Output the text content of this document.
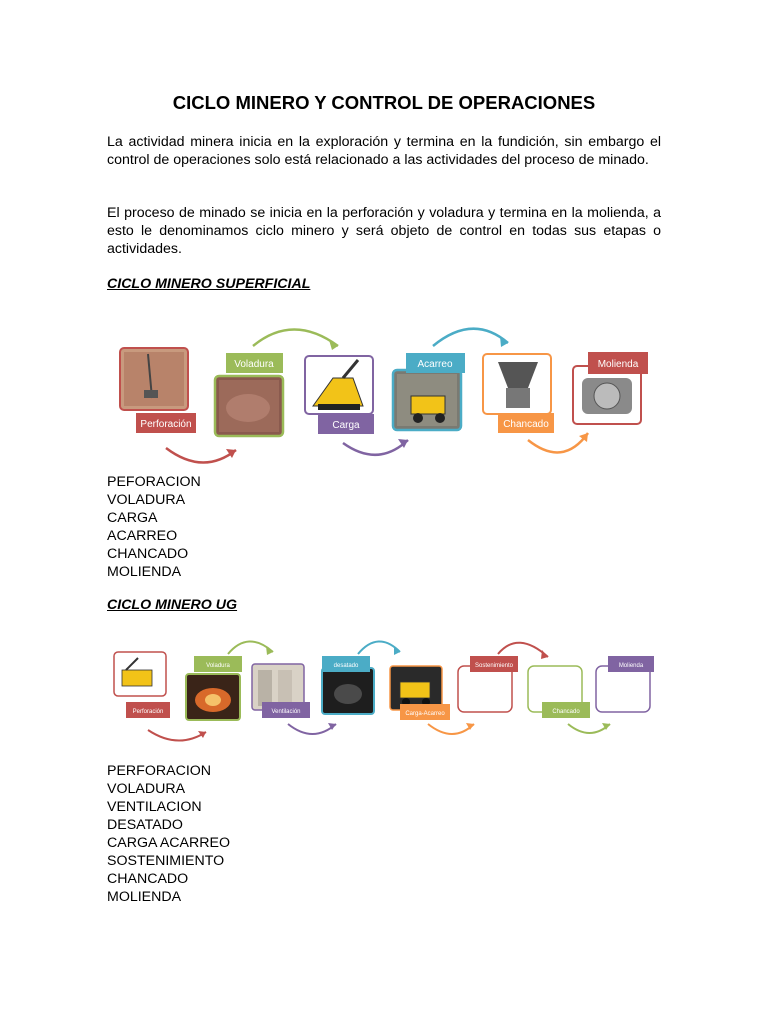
CICLO MINERO Y CONTROL DE OPERACIONES
La actividad minera inicia en la exploración y termina en la fundición, sin embargo el control de operaciones solo está relacionado a las actividades del proceso de minado.
El proceso de minado se inicia en la perforación y voladura y termina en la molienda, a esto le denominamos ciclo minero y será objeto de control en todas sus etapas o actividades.
CICLO MINERO SUPERFICIAL
Perforación
Voladura
Carga
Acarreo
Chancado
Molienda
PEFORACION
VOLADURA
CARGA
ACARREO
CHANCADO
MOLIENDA
CICLO MINERO UG
Perforación
Voladura
Ventilación
desatado
Carga-Acarreo
Sostenimiento
Chancado
Molienda
PERFORACION
VOLADURA
VENTILACION
DESATADO
CARGA ACARREO
SOSTENIMIENTO
CHANCADO
MOLIENDA
